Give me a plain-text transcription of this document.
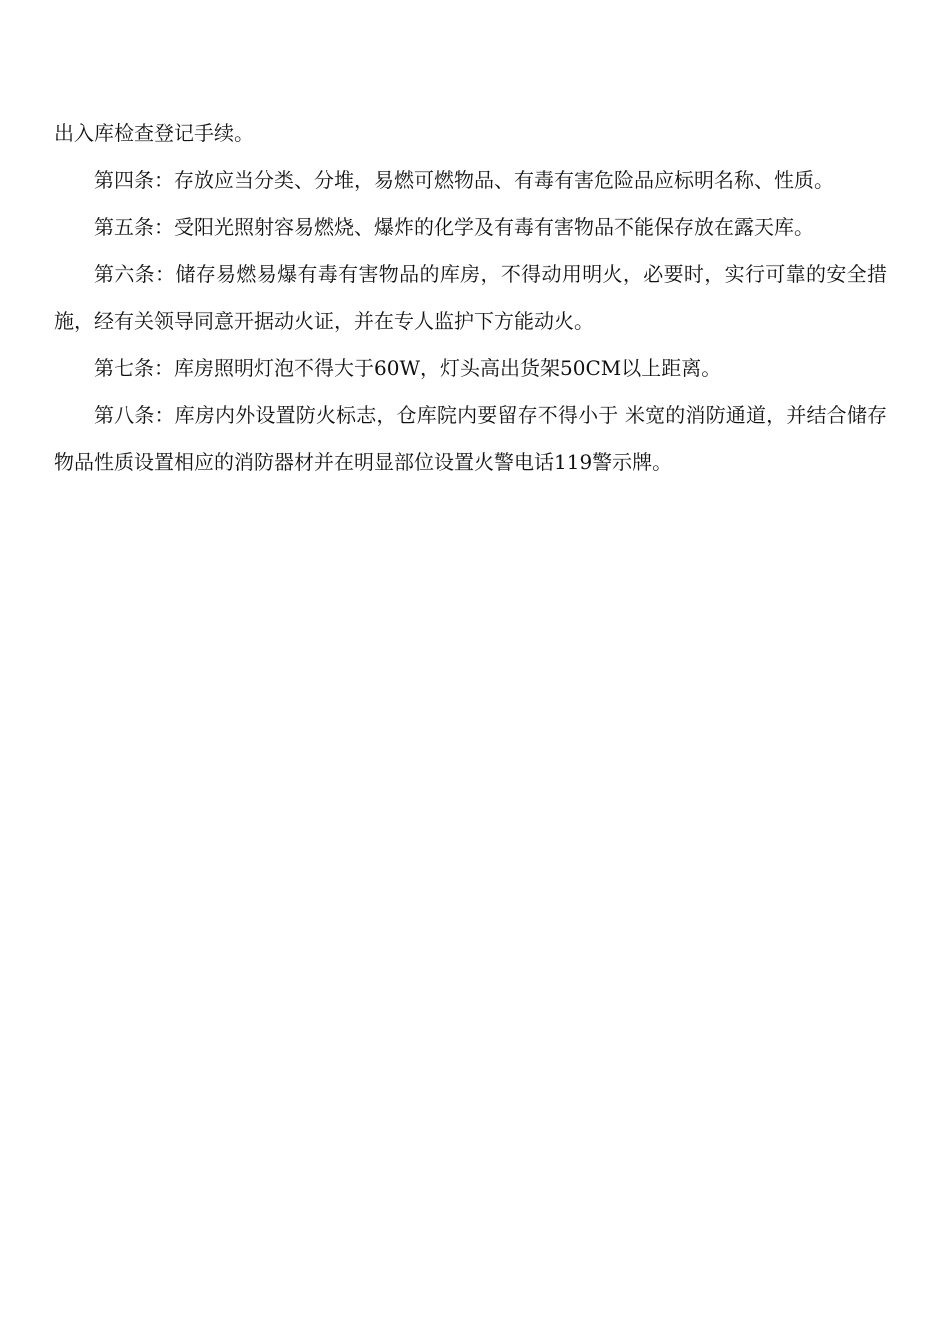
出入库检查登记手续。

第四条：存放应当分类、分堆，易燃可燃物品、有毒有害危险品应标明名称、性质。

第五条：受阳光照射容易燃烧、爆炸的化学及有毒有害物品不能保存放在露天库。

第六条：储存易燃易爆有毒有害物品的库房，不得动用明火，必要时，实行可靠的安全措施，经有关领导同意开据动火证，并在专人监护下方能动火。

第七条：库房照明灯泡不得大于60W，灯头高出货架50CM以上距离。

第八条：库房内外设置防火标志，仓库院内要留存不得小于 米宽的消防通道，并结合储存物品性质设置相应的消防器材并在明显部位设置火警电话119警示牌。
